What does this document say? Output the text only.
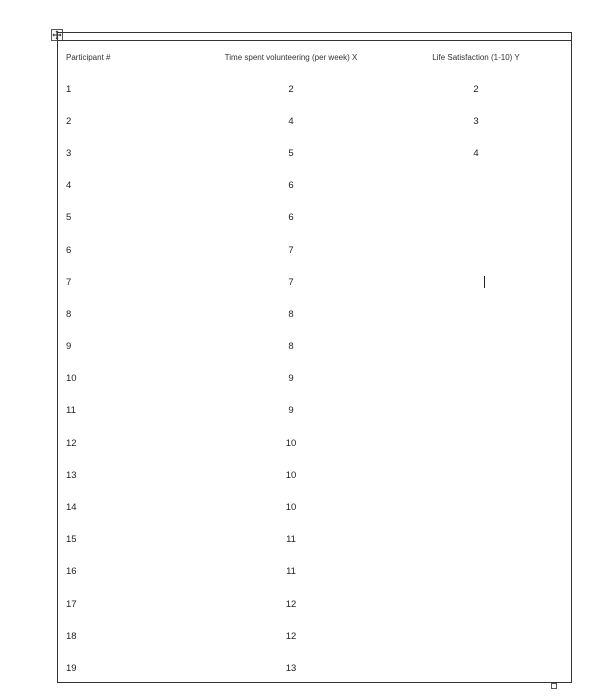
Participant #	Time spent volunteering (per week) X	Life Satisfaction (1-10) Y
1	2	2
2	4	3
3	5	4
4	6	
5	6	
6	7	
7	7	
8	8	
9	8	
10	9	
11	9	
12	10	
13	10	
14	10	
15	11	
16	11	
17	12	
18	12	
19	13	
